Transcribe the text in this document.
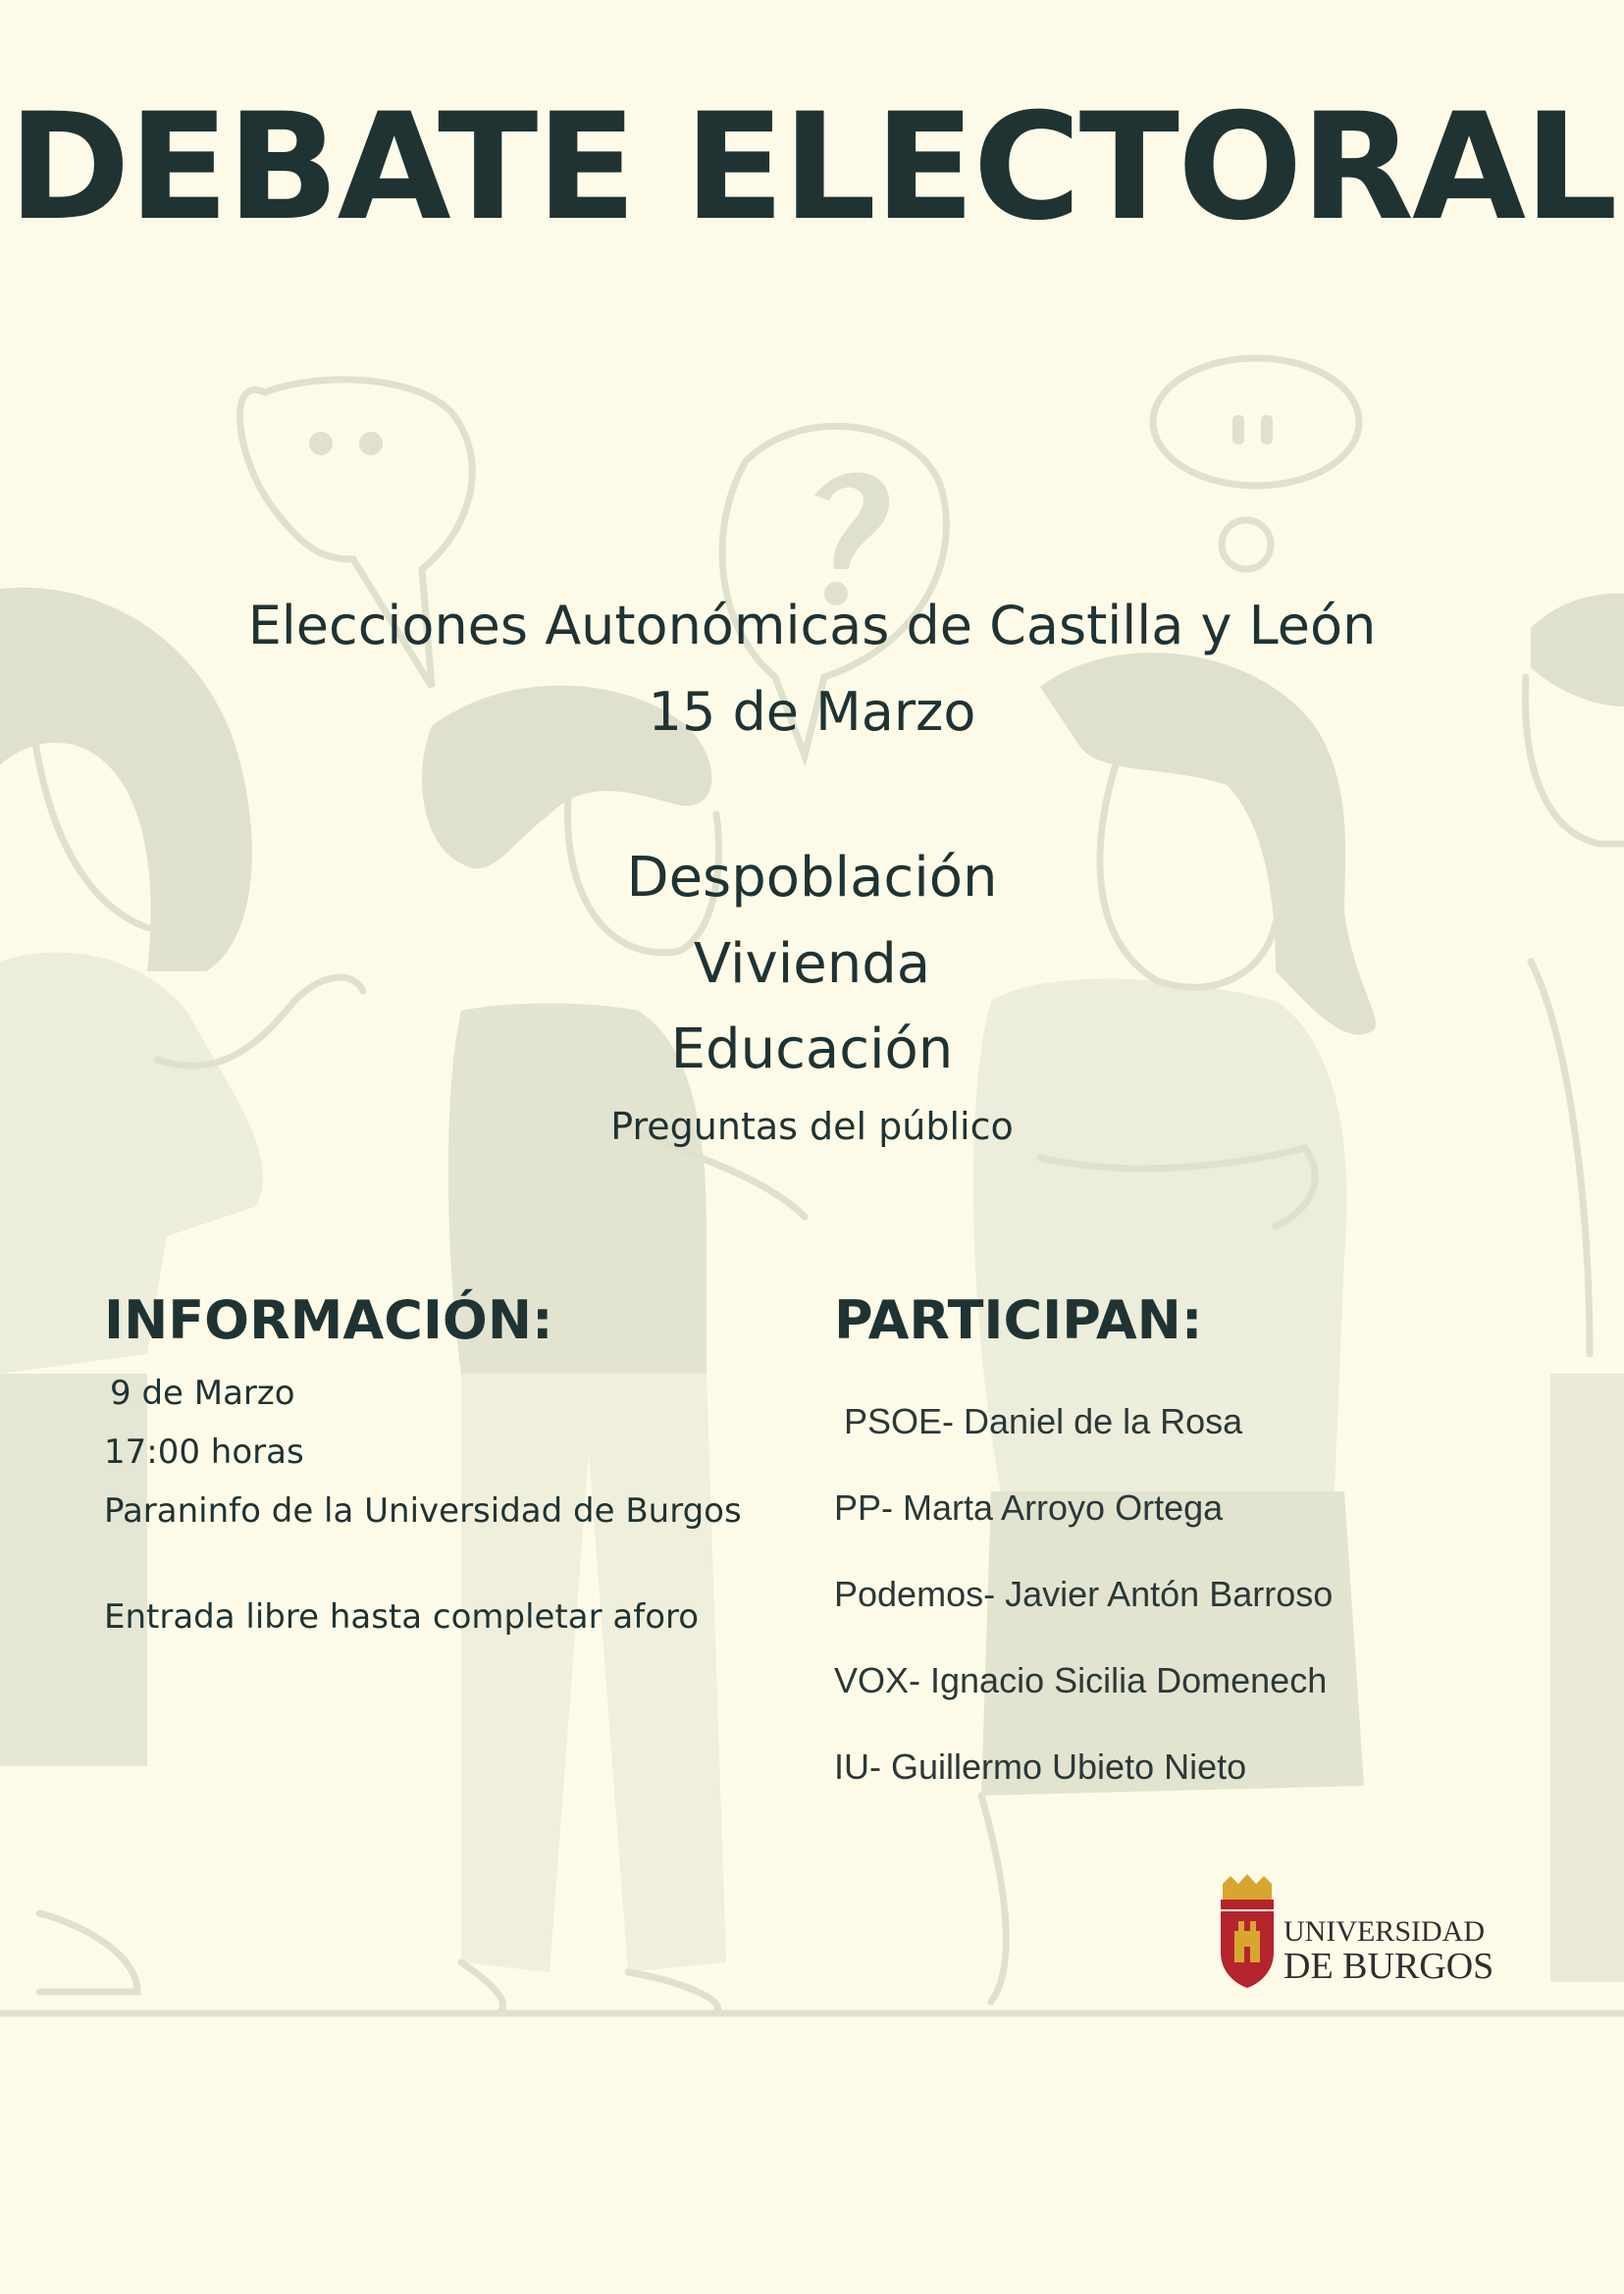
DEBATE ELECTORAL
Elecciones Autonómicas de Castilla y León
15 de Marzo
Despoblación
Vivienda
Educación
Preguntas del público
INFORMACIÓN:
9 de Marzo
17:00 horas
Paraninfo de la Universidad de Burgos
Entrada libre hasta completar aforo
PARTICIPAN:
PSOE- Daniel de la Rosa
PP- Marta Arroyo Ortega
Podemos- Javier Antón Barroso
VOX- Ignacio Sicilia Domenech
IU- Guillermo Ubieto Nieto
UNIVERSIDAD
DE BURGOS
